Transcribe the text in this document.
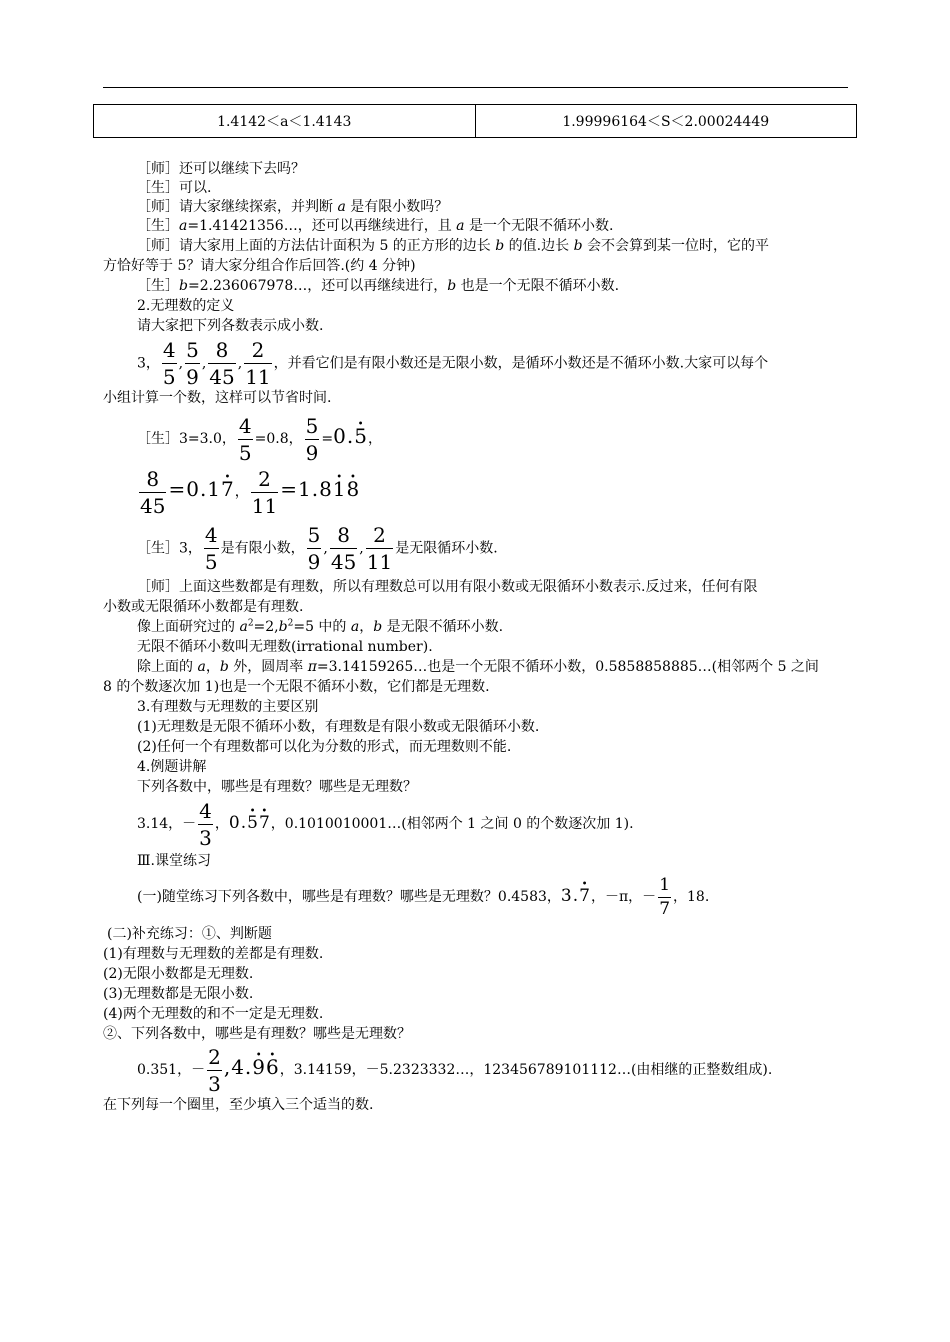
1.4142＜a＜1.4143	1.99996164＜S＜2.00024449
［师］还可以继续下去吗？
［生］可以.
［师］请大家继续探索，并判断 a 是有限小数吗？
［生］a=1.41421356…，还可以再继续进行，且 a 是一个无限不循环小数.
［师］请大家用上面的方法估计面积为 5 的正方形的边长 b 的值.边长 b 会不会算到某一位时，它的平
方恰好等于 5？请大家分组合作后回答.(约 4 分钟)
［生］b=2.236067978…，还可以再继续进行，b 也是一个无限不循环小数.
2.无理数的定义
请大家把下列各数表示成小数.
3， $\frac{4}{5}$ , $\frac{5}{9}$ , $\frac{8}{45}$ , $\frac{2}{11}$ ，并看它们是有限小数还是无限小数，是循环小数还是不循环小数.大家可以每个
小组计算一个数，这样可以节省时间.
［生］3=3.0， $\frac{4}{5} =0.8$， $\frac{5}{9}$ =0.• 5，
$\frac{8}{45}$ =0.1• 7， $\frac{2}{11}$ =1.8• 1• 8
［生］3， $\frac{4}{5}$ 是有限小数， $\frac{5}{9}$ , $\frac{8}{45}$ , $\frac{2}{11}$ 是无限循环小数.
［师］上面这些数都是有理数，所以有理数总可以用有限小数或无限循环小数表示.反过来，任何有限
小数或无限循环小数都是有理数.
像上面研究过的 $a^2=2,b^2=5$ 中的 a，b 是无限不循环小数.
无限不循环小数叫无理数(irrational number).
除上面的 a，b 外，圆周率 π=3.14159265…也是一个无限不循环小数，0.5858858885…(相邻两个 5 之间
8 的个数逐次加 1)也是一个无限不循环小数，它们都是无理数.
3.有理数与无理数的主要区别
(1)无理数是无限不循环小数，有理数是有限小数或无限循环小数.
(2)任何一个有理数都可以化为分数的形式，而无理数则不能.
4.例题讲解
下列各数中，哪些是有理数？哪些是无理数？
3.14，－ $\frac{4}{3}$ ，0.• 5• 7，0.1010010001…(相邻两个 1 之间 0 的个数逐次加 1).
Ⅲ.课堂练习
(一)随堂练习下列各数中，哪些是有理数？哪些是无理数？0.4583，3.• 7，－π，－ $\frac{1}{7}$ ，18.
(二)补充练习：①、判断题
(1)有理数与无理数的差都是有理数.
(2)无限小数都是无理数.
(3)无理数都是无限小数.
(4)两个无理数的和不一定是无理数.
②、下列各数中，哪些是有理数？哪些是无理数？
0.351，－ $\frac{2}{3}$ ,4.• 9• 6，3.14159，－5.2323332…，123456789101112…(由相继的正整数组成).
在下列每一个圈里，至少填入三个适当的数.
